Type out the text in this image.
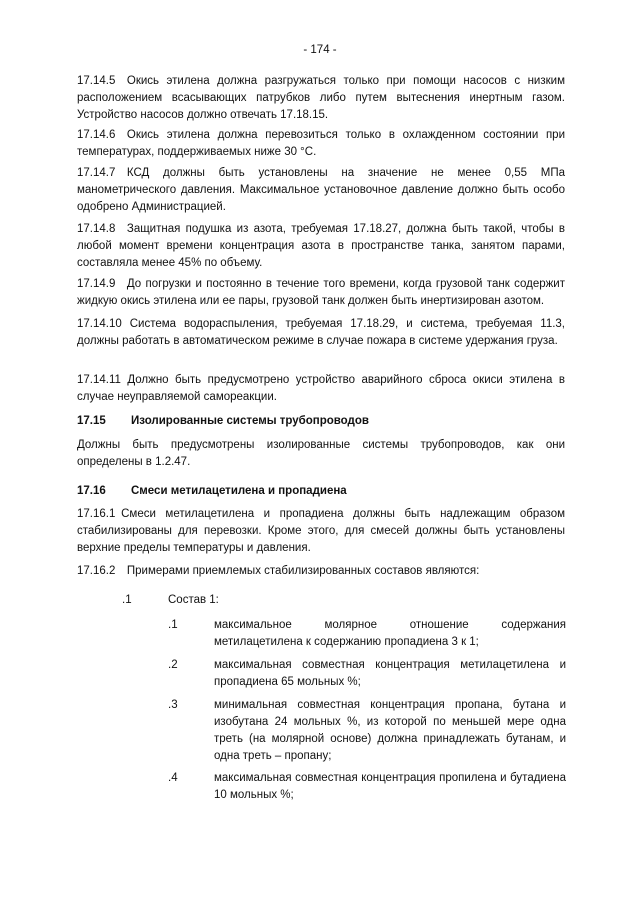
- 174 -

17.14.5 Окись этилена должна разгружаться только при помощи насосов с низким расположением всасывающих патрубков либо путем вытеснения инертным газом. Устройство насосов должно отвечать 17.18.15.

17.14.6 Окись этилена должна перевозиться только в охлажденном состоянии при температурах, поддерживаемых ниже 30 °С.

17.14.7 КСД должны быть установлены на значение не менее 0,55 МПа манометрического давления. Максимальное установочное давление должно быть особо одобрено Администрацией.

17.14.8 Защитная подушка из азота, требуемая 17.18.27, должна быть такой, чтобы в любой момент времени концентрация азота в пространстве танка, занятом парами, составляла менее 45% по объему.

17.14.9 До погрузки и постоянно в течение того времени, когда грузовой танк содержит жидкую окись этилена или ее пары, грузовой танк должен быть инертизирован азотом.

17.14.10 Система водораспыления, требуемая 17.18.29, и система, требуемая 11.3, должны работать в автоматическом режиме в случае пожара в системе удержания груза.

17.14.11 Должно быть предусмотрено устройство аварийного сброса окиси этилена в случае неуправляемой самореакции.

17.15 Изолированные системы трубопроводов

Должны быть предусмотрены изолированные системы трубопроводов, как они определены в 1.2.47.

17.16 Смеси метилацетилена и пропадиена

17.16.1 Смеси метилацетилена и пропадиена должны быть надлежащим образом стабилизированы для перевозки. Кроме этого, для смесей должны быть установлены верхние пределы температуры и давления.

17.16.2 Примерами приемлемых стабилизированных составов являются:

.1	Состав 1:
.1	максимальное молярное отношение содержания метилацетилена к содержанию пропадиена 3 к 1;
.2	максимальная совместная концентрация метилацетилена и пропадиена 65 мольных %;
.3	минимальная совместная концентрация пропана, бутана и изобутана 24 мольных %, из которой по меньшей мере одна треть (на молярной основе) должна принадлежать бутанам, и одна треть – пропану;
.4	максимальная совместная концентрация пропилена и бутадиена 10 мольных %;
